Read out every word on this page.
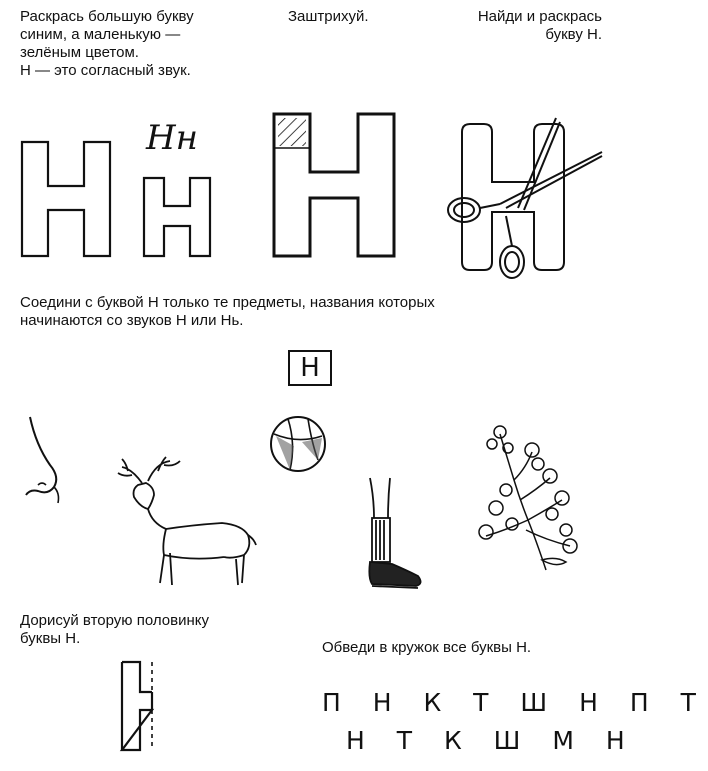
Раскрась большую букву
синим, а маленькую —
зелёным цветом.
Н — это согласный звук.
Заштрихуй.	Найди и раскрась
букву Н.
Нн
Соедини с буквой Н только те предметы, названия которых
начинаются со звуков Н или Нь.
Н
Дорисуй вторую половинку
буквы Н.
Обведи в кружок все буквы Н.
П Н К Т Ш Н П Т
Н Т К Ш М Н
